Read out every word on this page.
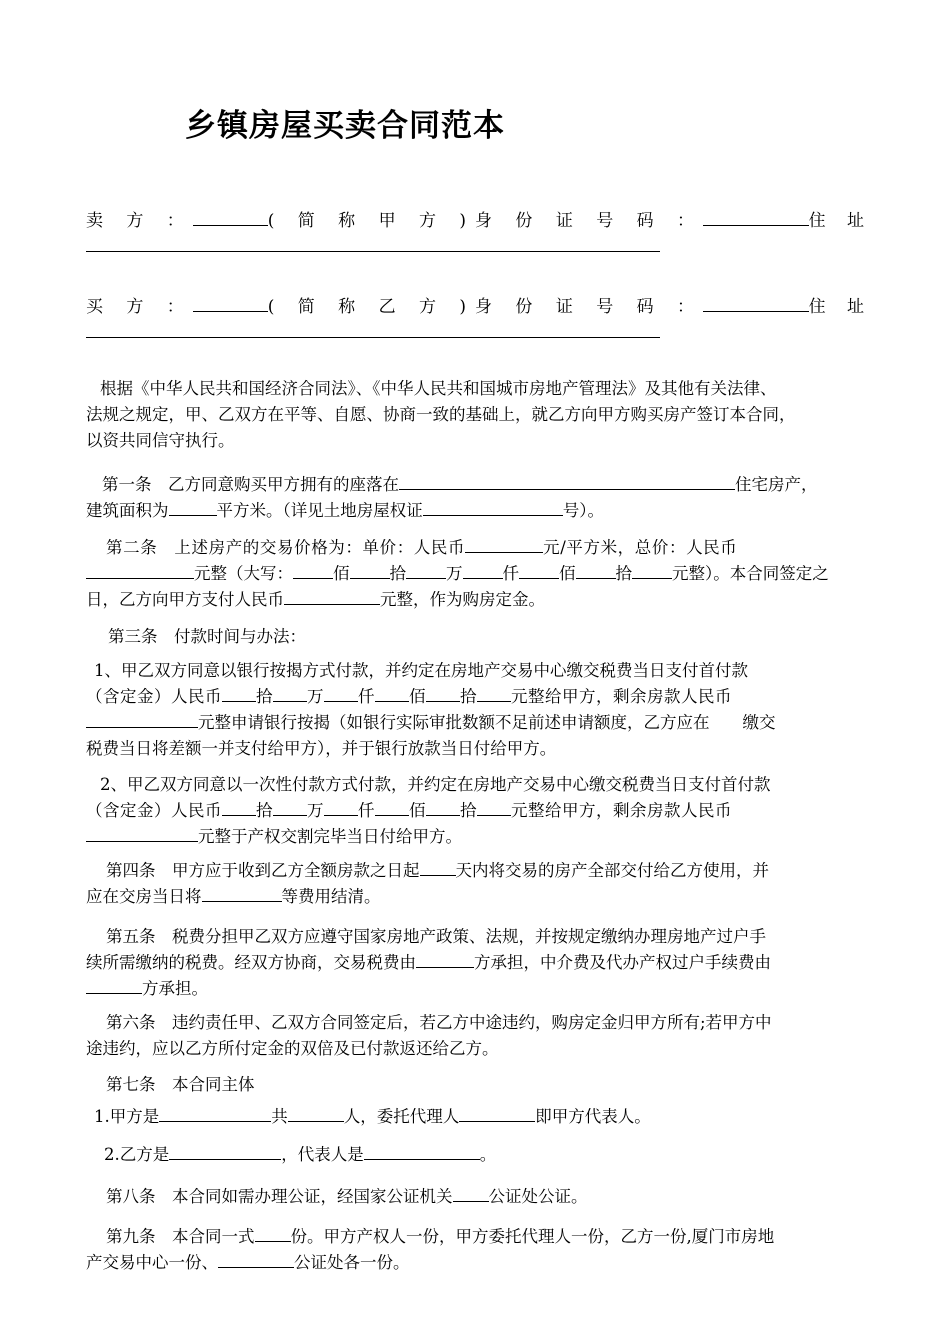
乡镇房屋买卖合同范本
卖 方 ：	( 简 称 甲 方 ) 身 份 证 号 码 ：	住 址
买 方 ：	( 简 称 乙 方 ) 身 份 证 号 码 ：	住 址
根据《中华人民共和国经济合同法》、《中华人民共和国城市房地产管理法》及其他有关法律、
法规之规定，甲、乙双方在平等、自愿、协商一致的基础上，就乙方向甲方购买房产签订本合同，
以资共同信守执行。
第一条　乙方同意购买甲方拥有的座落在	住宅房产，
建筑面积为	平方米。（详见土地房屋权证	号）。
第二条　上述房产的交易价格为：单价：人民币	元/平方米，总价：人民币
元整（大写： 佰 拾 万 仟 佰 拾 元整）。本合同签定之
日，乙方向甲方支付人民币	元整，作为购房定金。
第三条　付款时间与办法：
1、甲乙双方同意以银行按揭方式付款，并约定在房地产交易中心缴交税费当日支付首付款
（含定金）人民币 拾 万 仟 佰 拾 元整给甲方，剩余房款人民币
元整申请银行按揭（如银行实际审批数额不足前述申请额度，乙方应在　　缴交
税费当日将差额一并支付给甲方），并于银行放款当日付给甲方。
2、甲乙双方同意以一次性付款方式付款，并约定在房地产交易中心缴交税费当日支付首付款
（含定金）人民币 拾 万 仟 佰 拾 元整给甲方，剩余房款人民币
元整于产权交割完毕当日付给甲方。
第四条　甲方应于收到乙方全额房款之日起 天内将交易的房产全部交付给乙方使用，并
应在交房当日将	等费用结清。
第五条　税费分担甲乙双方应遵守国家房地产政策、法规，并按规定缴纳办理房地产过户手
续所需缴纳的税费。经双方协商，交易税费由	方承担，中介费及代办产权过户手续费由
方承担。
第六条　违约责任甲、乙双方合同签定后，若乙方中途违约，购房定金归甲方所有;若甲方中
途违约，应以乙方所付定金的双倍及已付款返还给乙方。
第七条　本合同主体
1.甲方是	共	人，委托代理人	即甲方代表人。
2.乙方是	，代表人是	。
第八条　本合同如需办理公证，经国家公证机关 公证处公证。
第九条　本合同一式 份。甲方产权人一份，甲方委托代理人一份，乙方一份,厦门市房地
产交易中心一份、	公证处各一份。
